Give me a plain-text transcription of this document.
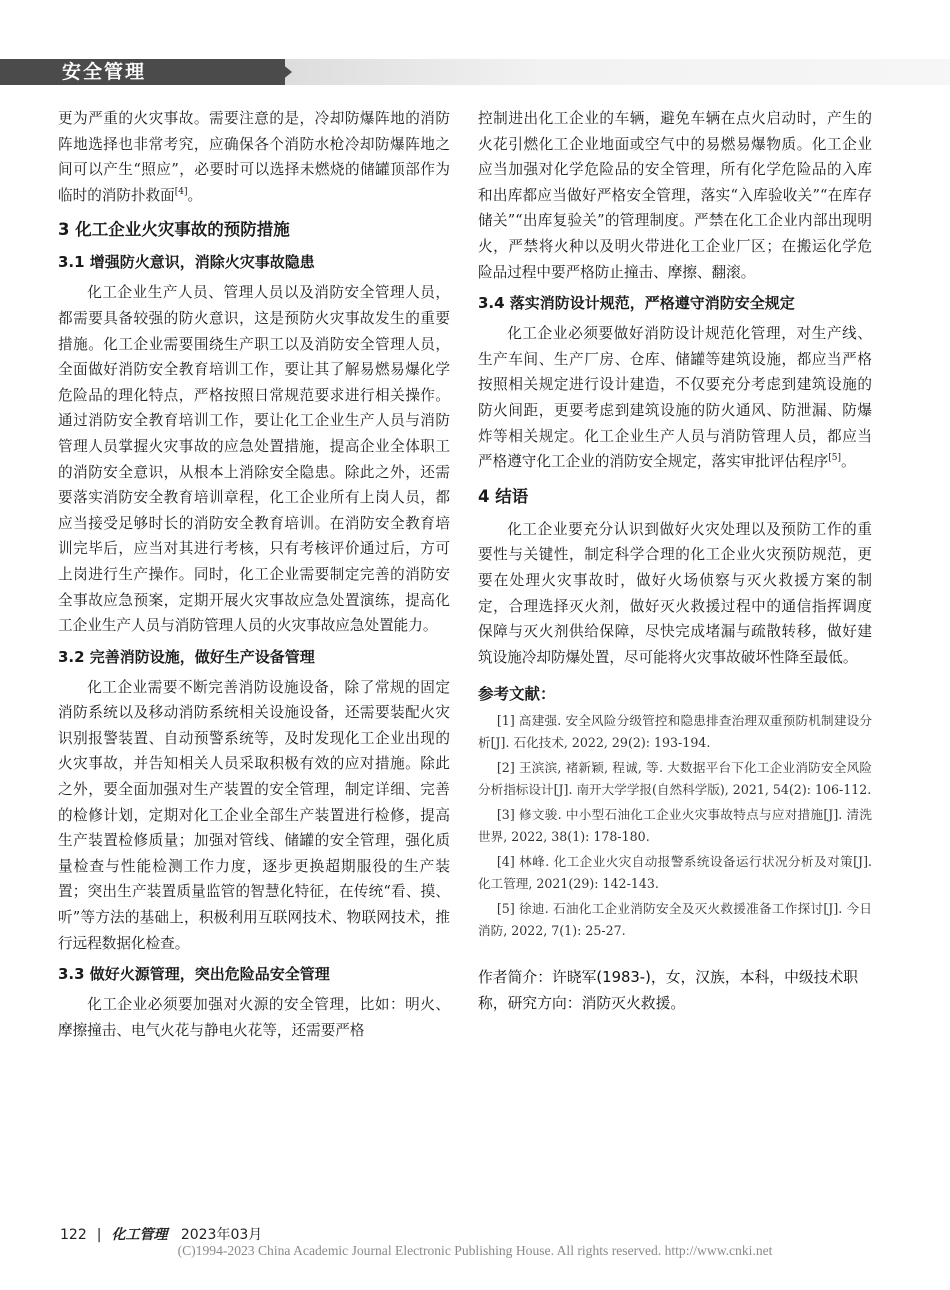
安全管理

更为严重的火灾事故。需要注意的是，冷却防爆阵地的消防阵地选择也非常考究，应确保各个消防水枪冷却防爆阵地之间可以产生“照应”，必要时可以选择未燃烧的储罐顶部作为临时的消防扑救面[4]。

3 化工企业火灾事故的预防措施
3.1 增强防火意识，消除火灾事故隐患

化工企业生产人员、管理人员以及消防安全管理人员，都需要具备较强的防火意识，这是预防火灾事故发生的重要措施。化工企业需要围绕生产职工以及消防安全管理人员，全面做好消防安全教育培训工作，要让其了解易燃易爆化学危险品的理化特点，严格按照日常规范要求进行相关操作。通过消防安全教育培训工作，要让化工企业生产人员与消防管理人员掌握火灾事故的应急处置措施，提高企业全体职工的消防安全意识，从根本上消除安全隐患。除此之外，还需要落实消防安全教育培训章程，化工企业所有上岗人员，都应当接受足够时长的消防安全教育培训。在消防安全教育培训完毕后，应当对其进行考核，只有考核评价通过后，方可上岗进行生产操作。同时，化工企业需要制定完善的消防安全事故应急预案，定期开展火灾事故应急处置演练，提高化工企业生产人员与消防管理人员的火灾事故应急处置能力。

3.2 完善消防设施，做好生产设备管理

化工企业需要不断完善消防设施设备，除了常规的固定消防系统以及移动消防系统相关设施设备，还需要装配火灾识别报警装置、自动预警系统等，及时发现化工企业出现的火灾事故，并告知相关人员采取积极有效的应对措施。除此之外，要全面加强对生产装置的安全管理，制定详细、完善的检修计划，定期对化工企业全部生产装置进行检修，提高生产装置检修质量；加强对管线、储罐的安全管理，强化质量检查与性能检测工作力度，逐步更换超期服役的生产装置；突出生产装置质量监管的智慧化特征，在传统“看、摸、听”等方法的基础上，积极利用互联网技术、物联网技术，推行远程数据化检查。

3.3 做好火源管理，突出危险品安全管理

化工企业必须要加强对火源的安全管理，比如：明火、摩擦撞击、电气火花与静电火花等，还需要严格

控制进出化工企业的车辆，避免车辆在点火启动时，产生的火花引燃化工企业地面或空气中的易燃易爆物质。化工企业应当加强对化学危险品的安全管理，所有化学危险品的入库和出库都应当做好严格安全管理，落实“入库验收关”“在库存储关”“出库复验关”的管理制度。严禁在化工企业内部出现明火，严禁将火种以及明火带进化工企业厂区；在搬运化学危险品过程中要严格防止撞击、摩擦、翻滚。

3.4 落实消防设计规范，严格遵守消防安全规定

化工企业必须要做好消防设计规范化管理，对生产线、生产车间、生产厂房、仓库、储罐等建筑设施，都应当严格按照相关规定进行设计建造，不仅要充分考虑到建筑设施的防火间距，更要考虑到建筑设施的防火通风、防泄漏、防爆炸等相关规定。化工企业生产人员与消防管理人员，都应当严格遵守化工企业的消防安全规定，落实审批评估程序[5]。

4 结语

化工企业要充分认识到做好火灾处理以及预防工作的重要性与关键性，制定科学合理的化工企业火灾预防规范，更要在处理火灾事故时，做好火场侦察与灭火救援方案的制定，合理选择灭火剂，做好灭火救援过程中的通信指挥调度保障与灭火剂供给保障，尽快完成堵漏与疏散转移，做好建筑设施冷却防爆处置，尽可能将火灾事故破坏性降至最低。

参考文献：

[1] 高建强. 安全风险分级管控和隐患排查治理双重预防机制建设分析[J]. 石化技术, 2022, 29(2): 193-194.

[2] 王滨滨, 褚新颖, 程诚, 等. 大数据平台下化工企业消防安全风险分析指标设计[J]. 南开大学学报(自然科学版), 2021, 54(2): 106-112.

[3] 修文骏. 中小型石油化工企业火灾事故特点与应对措施[J]. 清洗世界, 2022, 38(1): 178-180.

[4] 林峰. 化工企业火灾自动报警系统设备运行状况分析及对策[J]. 化工管理, 2021(29): 142-143.

[5] 徐迪. 石油化工企业消防安全及灭火救援准备工作探讨[J]. 今日消防, 2022, 7(1): 25-27.

作者简介：许晓军(1983-)，女，汉族，本科，中级技术职称，研究方向：消防灭火救援。
122 | 化工管理 2023年03月
(C)1994-2023 China Academic Journal Electronic Publishing House. All rights reserved. http://www.cnki.net
